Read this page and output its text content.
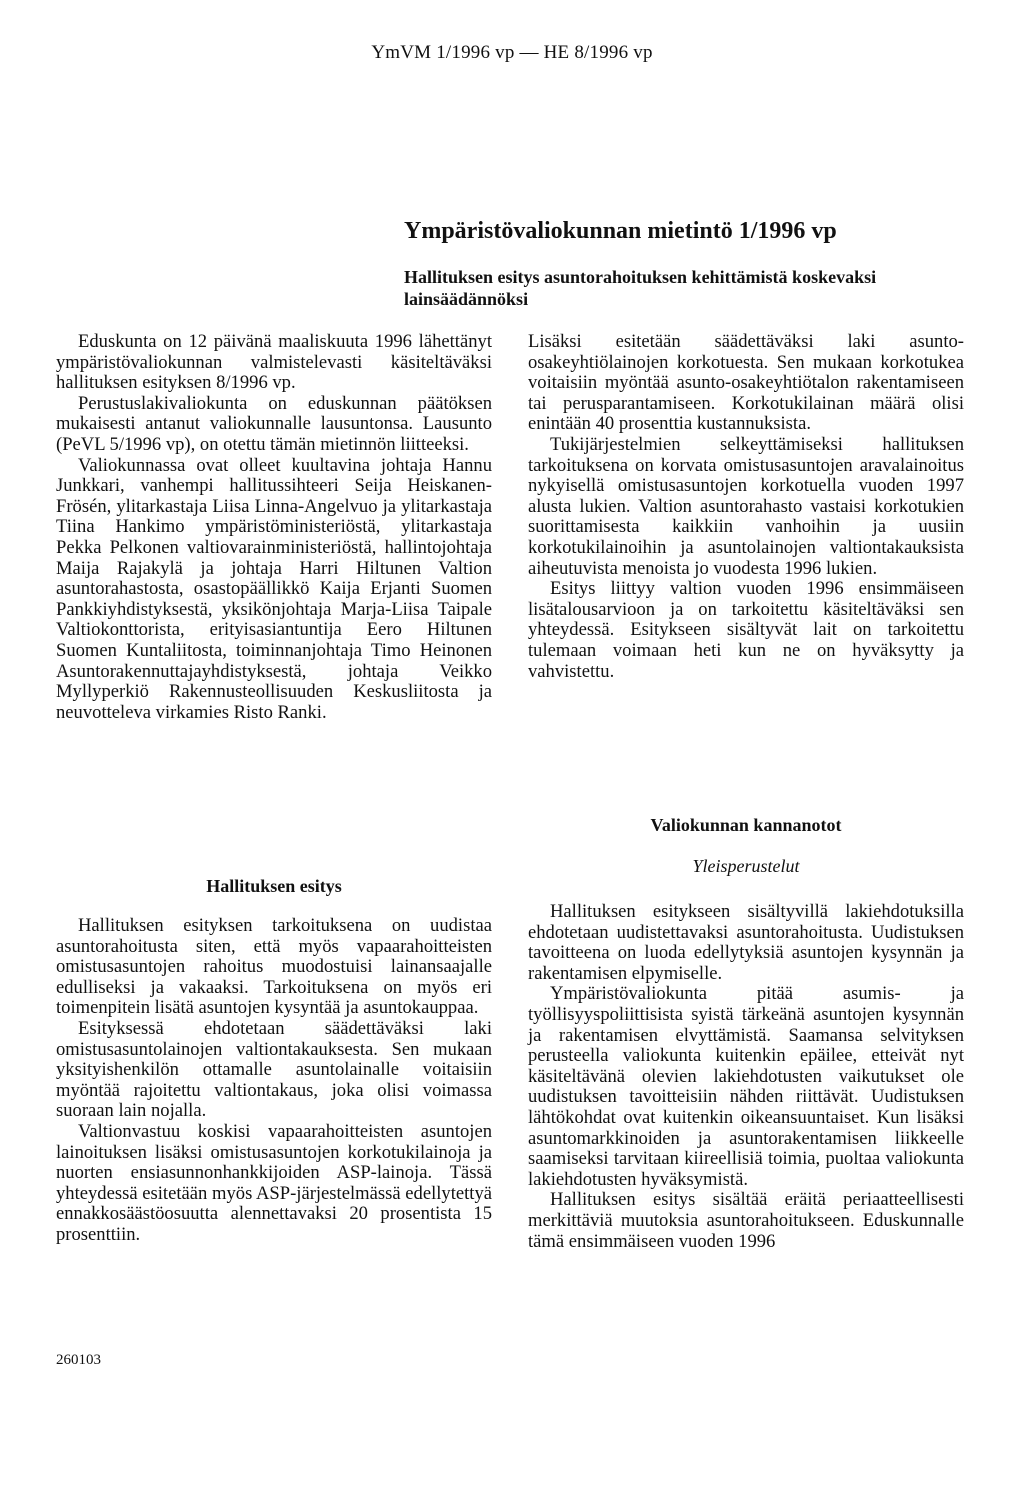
YmVM 1/1996 vp — HE 8/1996 vp
Ympäristövaliokunnan mietintö 1/1996 vp

Hallituksen esitys asuntorahoituksen kehittämistä koskevaksi lainsäädännöksi

Eduskunta on 12 päivänä maaliskuuta 1996 lähettänyt ympäristövaliokunnan valmistelevasti käsiteltäväksi hallituksen esityksen 8/1996 vp.

Perustuslakivaliokunta on eduskunnan päätöksen mukaisesti antanut valiokunnalle lausuntonsa. Lausunto (PeVL 5/1996 vp), on otettu tämän mietinnön liitteeksi.

Valiokunnassa ovat olleet kuultavina johtaja Hannu Junkkari, vanhempi hallitussihteeri Seija Heiskanen-Frösén, ylitarkastaja Liisa Linna-Angelvuo ja ylitarkastaja Tiina Hankimo ympäristöministeriöstä, ylitarkastaja Pekka Pelkonen valtiovarainministeriöstä, hallintojohtaja Maija Rajakylä ja johtaja Harri Hiltunen Valtion asuntorahastosta, osastopäällikkö Kaija Erjanti Suomen Pankkiyhdistyksestä, yksikönjohtaja Marja-Liisa Taipale Valtiokonttorista, erityisasiantuntija Eero Hiltunen Suomen Kuntaliitosta, toiminnanjohtaja Timo Heinonen Asuntorakennuttajayhdistyksestä, johtaja Veikko Myllyperkiö Rakennusteollisuuden Keskusliitosta ja neuvotteleva virkamies Risto Ranki.

Hallituksen esitys

Hallituksen esityksen tarkoituksena on uudistaa asuntorahoitusta siten, että myös vapaarahoitteisten omistusasuntojen rahoitus muodostuisi lainansaajalle edulliseksi ja vakaaksi. Tarkoituksena on myös eri toimenpitein lisätä asuntojen kysyntää ja asuntokauppaa.

Esityksessä ehdotetaan säädettäväksi laki omistusasuntolainojen valtiontakauksesta. Sen mukaan yksityishenkilön ottamalle asuntolainalle voitaisiin myöntää rajoitettu valtiontakaus, joka olisi voimassa suoraan lain nojalla.

Valtionvastuu koskisi vapaarahoitteisten asuntojen lainoituksen lisäksi omistusasuntojen korkotukilainoja ja nuorten ensiasunnonhankkijoiden ASP-lainoja. Tässä yhteydessä esitetään myös ASP-järjestelmässä edellytettyä ennakkosäästöosuutta alennettavaksi 20 prosentista 15 prosenttiin.

Lisäksi esitetään säädettäväksi laki asunto-osakeyhtiölainojen korkotuesta. Sen mukaan korkotukea voitaisiin myöntää asunto-osakeyhtiötalon rakentamiseen tai perusparantamiseen. Korkotukilainan määrä olisi enintään 40 prosenttia kustannuksista.

Tukijärjestelmien selkeyttämiseksi hallituksen tarkoituksena on korvata omistusasuntojen aravalainoitus nykyisellä omistusasuntojen korkotuella vuoden 1997 alusta lukien. Valtion asuntorahasto vastaisi korkotukien suorittamisesta kaikkiin vanhoihin ja uusiin korkotukilainoihin ja asuntolainojen valtiontakauksista aiheutuvista menoista jo vuodesta 1996 lukien.

Esitys liittyy valtion vuoden 1996 ensimmäiseen lisätalousarvioon ja on tarkoitettu käsiteltäväksi sen yhteydessä. Esitykseen sisältyvät lait on tarkoitettu tulemaan voimaan heti kun ne on hyväksytty ja vahvistettu.

Valiokunnan kannanotot
Yleisperustelut

Hallituksen esitykseen sisältyvillä lakiehdotuksilla ehdotetaan uudistettavaksi asuntorahoitusta. Uudistuksen tavoitteena on luoda edellytyksiä asuntojen kysynnän ja rakentamisen elpymiselle.

Ympäristövaliokunta pitää asumis- ja työllisyyspoliittisista syistä tärkeänä asuntojen kysynnän ja rakentamisen elvyttämistä. Saamansa selvityksen perusteella valiokunta kuitenkin epäilee, etteivät nyt käsiteltävänä olevien lakiehdotusten vaikutukset ole uudistuksen tavoitteisiin nähden riittävät. Uudistuksen lähtökohdat ovat kuitenkin oikeansuuntaiset. Kun lisäksi asuntomarkkinoiden ja asuntorakentamisen liikkeelle saamiseksi tarvitaan kiireellisiä toimia, puoltaa valiokunta lakiehdotusten hyväksymistä.

Hallituksen esitys sisältää eräitä periaatteellisesti merkittäviä muutoksia asuntorahoitukseen. Eduskunnalle tämä ensimmäiseen vuoden 1996

260103
